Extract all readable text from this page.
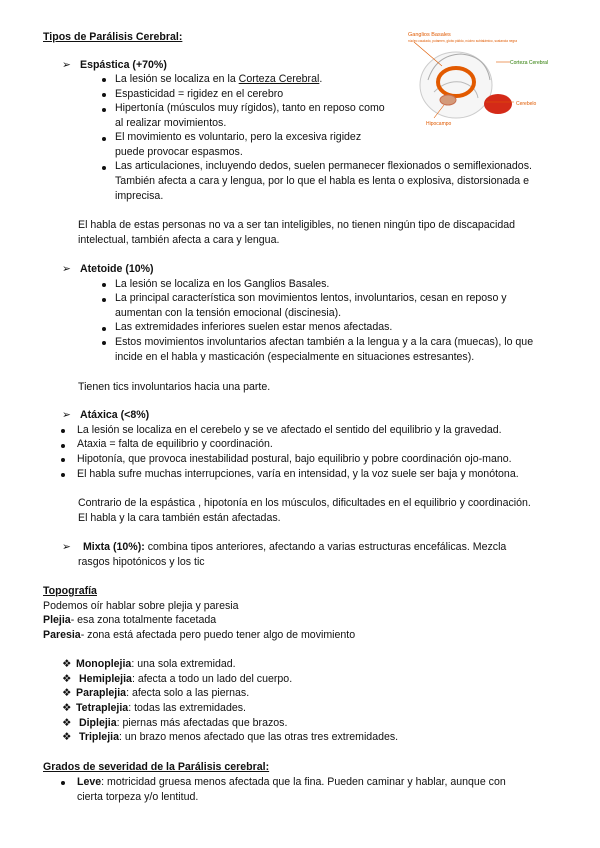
Tipos de Parálisis Cerebral:	Ganglios Basales
núcleo caudado, putamen, globo pálido, núcleo subtalámico, sustancia negra
Corteza Cerebral
Cerebelo
Hipocampo
➢ Espástica (+70%)
La lesión se localiza en la Corteza Cerebral.
Espasticidad = rigidez en el cerebro
Hipertonía (músculos muy rígidos), tanto en reposo como
al realizar movimientos.
El movimiento es voluntario, pero la excesiva rigidez
puede provocar espasmos.
Las articulaciones, incluyendo dedos, suelen permanecer flexionados o semiflexionados.
También afecta a cara y lengua, por lo que el habla es lenta o explosiva, distorsionada e
imprecisa.
El habla de estas personas no va a ser tan inteligibles, no tienen ningún tipo de discapacidad
intelectual, también afecta a cara y lengua.
➢ Atetoide (10%)
La lesión se localiza en los Ganglios Basales.
La principal característica son movimientos lentos, involuntarios, cesan en reposo y
aumentan con la tensión emocional (discinesia).
Las extremidades inferiores suelen estar menos afectadas.
Estos movimientos involuntarios afectan también a la lengua y a la cara (muecas), lo que
incide en el habla y masticación (especialmente en situaciones estresantes).
Tienen tics involuntarios hacia una parte.
➢ Atáxica (<8%)
La lesión se localiza en el cerebelo y se ve afectado el sentido del equilibrio y la gravedad.
Ataxia = falta de equilibrio y coordinación.
Hipotonía, que provoca inestabilidad postural, bajo equilibrio y pobre coordinación ojo-mano.
El habla sufre muchas interrupciones, varía en intensidad, y la voz suele ser baja y monótona.
Contrario de la espástica , hipotonía en los músculos, dificultades en el equilibrio y coordinación.
El habla y la cara también están afectadas.
➢ Mixta (10%): combina tipos anteriores, afectando a varias estructuras encefálicas. Mezcla
rasgos hipotónicos y los tic
Topografía
Podemos oír hablar sobre plejia y paresia
Plejia- esa zona totalmente facetada
Paresia- zona está afectada pero puedo tener algo de movimiento
❖ Monoplejia: una sola extremidad.
❖ Hemiplejia: afecta a todo un lado del cuerpo.
❖ Paraplejia: afecta solo a las piernas.
❖ Tetraplejia: todas las extremidades.
❖ Diplejia: piernas más afectadas que brazos.
❖ Triplejia: un brazo menos afectado que las otras tres extremidades.
Grados de severidad de la Parálisis cerebral:
Leve: motricidad gruesa menos afectada que la fina. Pueden caminar y hablar, aunque con
cierta torpeza y/o lentitud.
